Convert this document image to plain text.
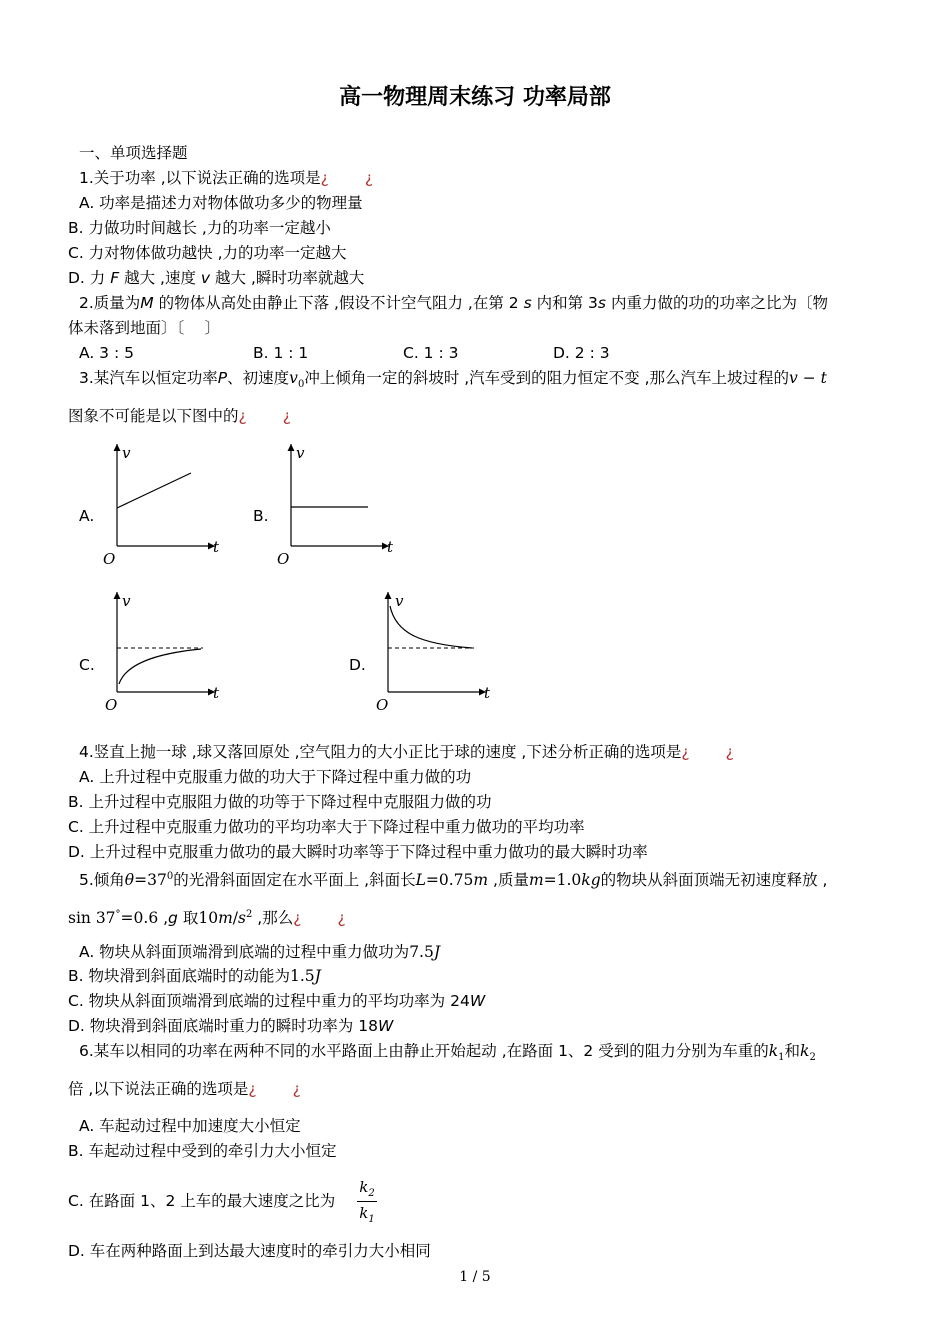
高一物理周末练习 功率局部
一、单项选择题
1.关于功率 ,以下说法正确的选项是¿ ¿
A. 功率是描述力对物体做功多少的物理量
B. 力做功时间越长 ,力的功率一定越小
C. 力对物体做功越快 ,力的功率一定越大
D. 力 F 越大 ,速度 v 越大 ,瞬时功率就越大
2.质量为M 的物体从高处由静止下落 ,假设不计空气阻力 ,在第 2 s 内和第 3s 内重力做的功的功率之比为〔物
体未落到地面〕〔　 〕
A. 3 : 5	B. 1 : 1	C. 1 : 3	D. 2 : 3
3.某汽车以恒定功率P、初速度$v_0$冲上倾角一定的斜坡时 ,汽车受到的阻力恒定不变 ,那么汽车上坡过程的v − t
图象不可能是以下图中的¿ ¿
A.	B.
C.	D.
v
t
O
v
t
O
v
t
O
v
t
O
4.竖直上抛一球 ,球又落回原处 ,空气阻力的大小正比于球的速度 ,下述分析正确的选项是¿ ¿
A. 上升过程中克服重力做的功大于下降过程中重力做的功
B. 上升过程中克服阻力做的功等于下降过程中克服阻力做的功
C. 上升过程中克服重力做功的平均功率大于下降过程中重力做功的平均功率
D. 上升过程中克服重力做功的最大瞬时功率等于下降过程中重力做功的最大瞬时功率
5.倾角$\theta=37^0$的光滑斜面固定在水平面上 ,斜面长L=0.75m ,质量m=1.0kg的物块从斜面顶端无初速度释放 ,
sin 37°=0.6 ,g 取$10m/s^2$ ,那么¿ ¿
A. 物块从斜面顶端滑到底端的过程中重力做功为7.5J
B. 物块滑到斜面底端时的动能为1.5J
C. 物块从斜面顶端滑到底端的过程中重力的平均功率为 24W
D. 物块滑到斜面底端时重力的瞬时功率为 18W
6.某车以相同的功率在两种不同的水平路面上由静止开始起动 ,在路面 1、2 受到的阻力分别为车重的$k_1$和$k_2$
倍 ,以下说法正确的选项是¿ ¿
A. 车起动过程中加速度大小恒定
B. 车起动过程中受到的牵引力大小恒定
C. 在路面 1、2 上车的最大速度之比为
$k_2$
$k_1$
D. 车在两种路面上到达最大速度时的牵引力大小相同
1 / 5
